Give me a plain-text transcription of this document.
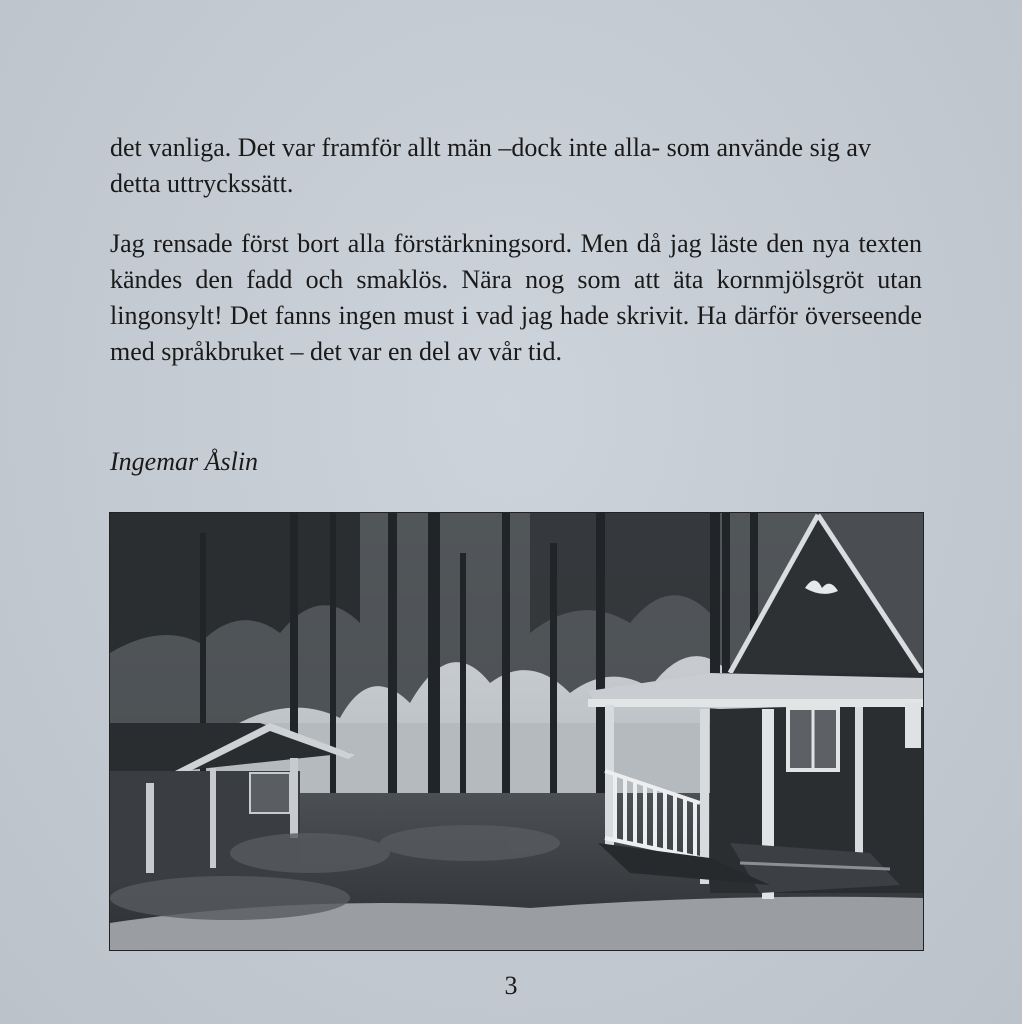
det vanliga. Det var framför allt män –dock inte alla- som använde sig av detta uttryckssätt.

Jag rensade först bort alla förstärkningsord. Men då jag läste den nya texten kändes den fadd och smaklös. Nära nog som att äta kornmjölsgröt utan lingonsylt! Det fanns ingen must i vad jag hade skrivit. Ha därför överseende med språkbruket – det var en del av vår tid.

Ingemar Åslin
3
